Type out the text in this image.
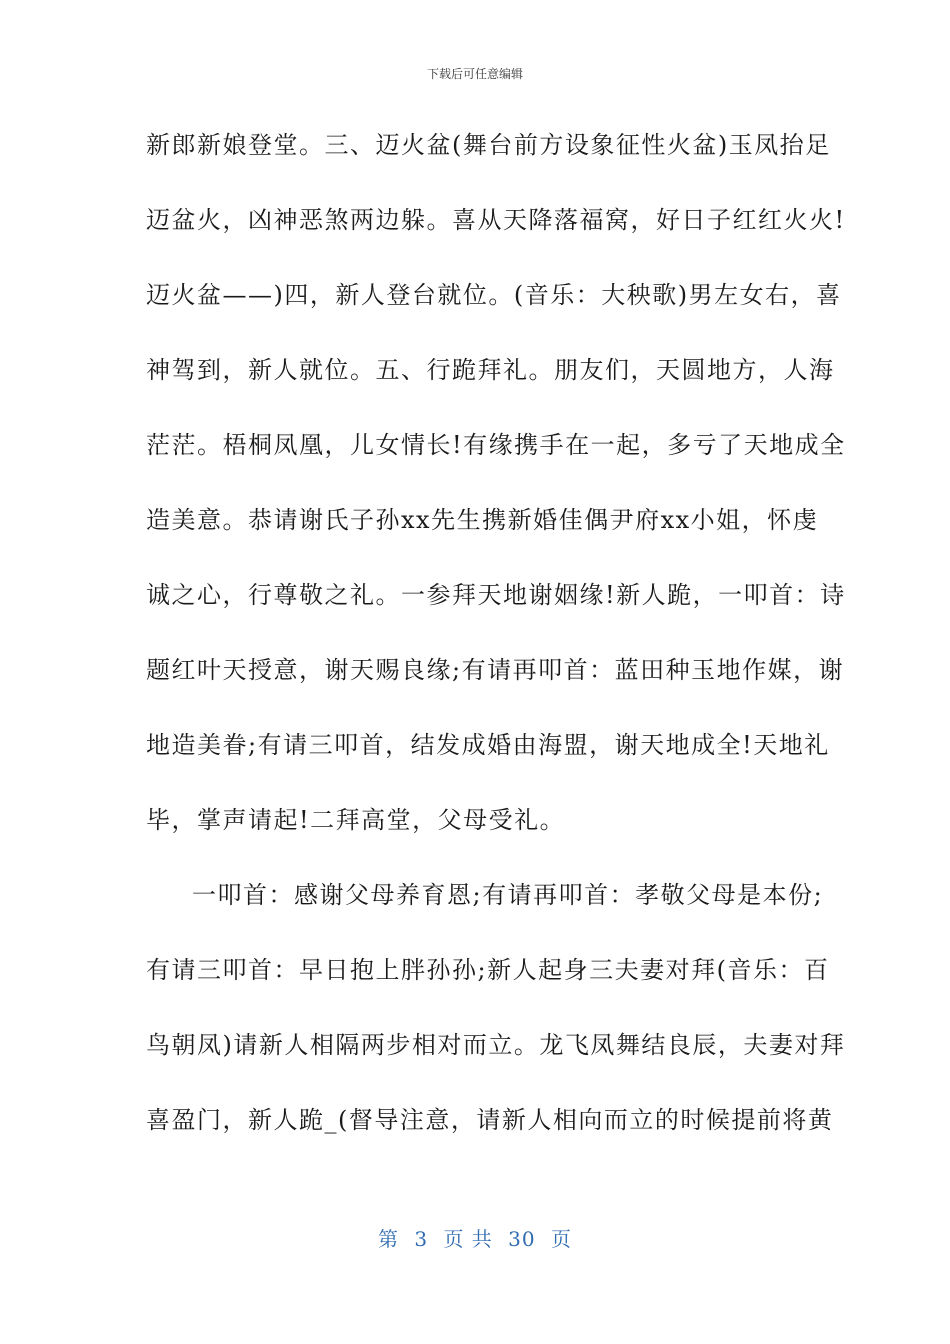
下载后可任意编辑
新郎新娘登堂。三、迈火盆(舞台前方设象征性火盆)玉凤抬足
迈盆火，凶神恶煞两边躲。喜从天降落福窝，好日子红红火火!
迈火盆——)四，新人登台就位。(音乐：大秧歌)男左女右，喜
神驾到，新人就位。五、行跪拜礼。朋友们，天圆地方，人海
茫茫。梧桐凤凰，儿女情长!有缘携手在一起，多亏了天地成全
造美意。恭请谢氏子孙xx先生携新婚佳偶尹府xx小姐，怀虔
诚之心，行尊敬之礼。一参拜天地谢姻缘!新人跪，一叩首：诗
题红叶天授意，谢天赐良缘;有请再叩首：蓝田种玉地作媒，谢
地造美眷;有请三叩首，结发成婚由海盟，谢天地成全!天地礼
毕，掌声请起!二拜高堂，父母受礼。
一叩首：感谢父母养育恩;有请再叩首：孝敬父母是本份;
有请三叩首：早日抱上胖孙孙;新人起身三夫妻对拜(音乐：百
鸟朝凤)请新人相隔两步相对而立。龙飞凤舞结良辰，夫妻对拜
喜盈门，新人跪_(督导注意，请新人相向而立的时候提前将黄
第 3 页 共 30 页
